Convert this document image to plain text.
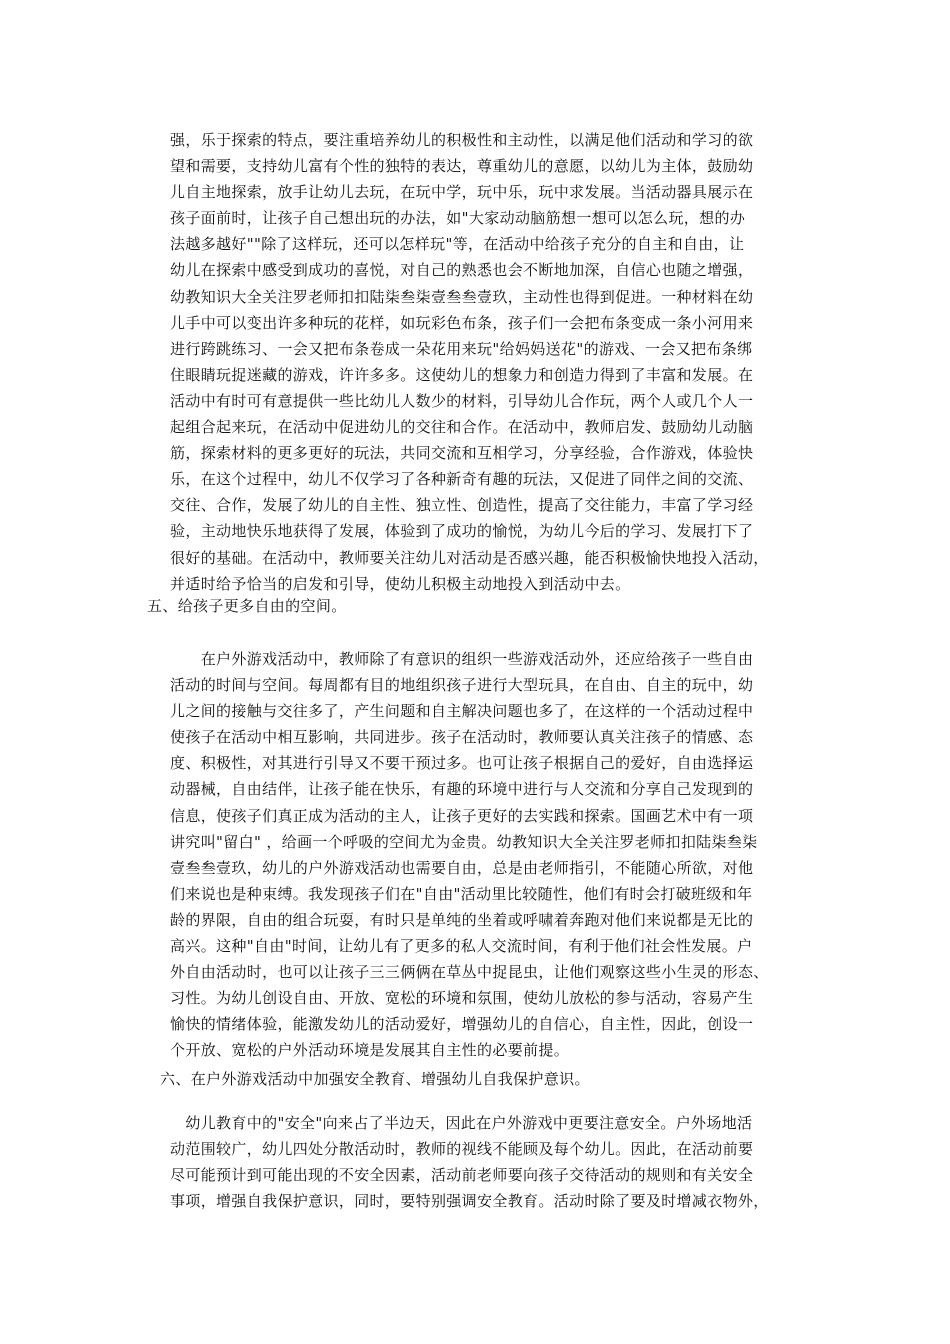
强，乐于探索的特点，要注重培养幼儿的积极性和主动性，以满足他们活动和学习的欲
望和需要，支持幼儿富有个性的独特的表达，尊重幼儿的意愿，以幼儿为主体，鼓励幼
儿自主地探索，放手让幼儿去玩，在玩中学，玩中乐，玩中求发展。当活动器具展示在
孩子面前时，让孩子自己想出玩的办法，如"大家动动脑筋想一想可以怎么玩，想的办
法越多越好""除了这样玩，还可以怎样玩"等，在活动中给孩子充分的自主和自由，让
幼儿在探索中感受到成功的喜悦，对自己的熟悉也会不断地加深，自信心也随之增强，
幼教知识大全关注罗老师扣扣陆柒叁柒壹叁叁壹玖，主动性也得到促进。一种材料在幼
儿手中可以变出许多种玩的花样，如玩彩色布条，孩子们一会把布条变成一条小河用来
进行跨跳练习、一会又把布条卷成一朵花用来玩"给妈妈送花"的游戏、一会又把布条绑
住眼睛玩捉迷藏的游戏，许许多多。这使幼儿的想象力和创造力得到了丰富和发展。在
活动中有时可有意提供一些比幼儿人数少的材料，引导幼儿合作玩，两个人或几个人一
起组合起来玩，在活动中促进幼儿的交往和合作。在活动中，教师启发、鼓励幼儿动脑
筋，探索材料的更多更好的玩法，共同交流和互相学习，分享经验，合作游戏，体验快
乐，在这个过程中，幼儿不仅学习了各种新奇有趣的玩法，又促进了同伴之间的交流、
交往、合作，发展了幼儿的自主性、独立性、创造性，提高了交往能力，丰富了学习经
验，主动地快乐地获得了发展，体验到了成功的愉悦，为幼儿今后的学习、发展打下了
很好的基础。在活动中，教师要关注幼儿对活动是否感兴趣，能否积极愉快地投入活动，
并适时给予恰当的启发和引导，使幼儿积极主动地投入到活动中去。
五、给孩子更多自由的空间。
　　在户外游戏活动中，教师除了有意识的组织一些游戏活动外，还应给孩子一些自由
活动的时间与空间。每周都有目的地组织孩子进行大型玩具，在自由、自主的玩中，幼
儿之间的接触与交往多了，产生问题和自主解决问题也多了，在这样的一个活动过程中
使孩子在活动中相互影响，共同进步。孩子在活动时，教师要认真关注孩子的情感、态
度、积极性，对其进行引导又不要干预过多。也可让孩子根据自己的爱好，自由选择运
动器械，自由结伴，让孩子能在快乐，有趣的环境中进行与人交流和分享自己发现到的
信息，使孩子们真正成为活动的主人，让孩子更好的去实践和探索。国画艺术中有一项
讲究叫"留白" ，给画一个呼吸的空间尤为金贵。幼教知识大全关注罗老师扣扣陆柒叁柒
壹叁叁壹玖，幼儿的户外游戏活动也需要自由，总是由老师指引，不能随心所欲，对他
们来说也是种束缚。我发现孩子们在"自由"活动里比较随性，他们有时会打破班级和年
龄的界限，自由的组合玩耍，有时只是单纯的坐着或呼啸着奔跑对他们来说都是无比的
高兴。这种"自由"时间，让幼儿有了更多的私人交流时间，有利于他们社会性发展。户
外自由活动时，也可以让孩子三三俩俩在草丛中捉昆虫，让他们观察这些小生灵的形态、
习性。为幼儿创设自由、开放、宽松的环境和氛围，使幼儿放松的参与活动，容易产生
愉快的情绪体验，能激发幼儿的活动爱好，增强幼儿的自信心，自主性，因此，创设一
个开放、宽松的户外活动环境是发展其自主性的必要前提。
六、在户外游戏活动中加强安全教育、增强幼儿自我保护意识。
　幼儿教育中的"安全"向来占了半边天，因此在户外游戏中更要注意安全。户外场地活
动范围较广，幼儿四处分散活动时，教师的视线不能顾及每个幼儿。因此，在活动前要
尽可能预计到可能出现的不安全因素，活动前老师要向孩子交待活动的规则和有关安全
事项，增强自我保护意识，同时，要特别强调安全教育。活动时除了要及时增减衣物外，
